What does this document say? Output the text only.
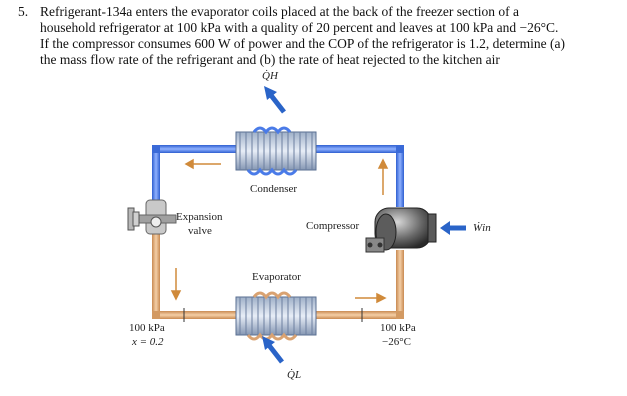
5. Refrigerant-134a enters the evaporator coils placed at the back of the freezer section of a
household refrigerator at 100 kPa with a quality of 20 percent and leaves at 100 kPa and −26°C.
If the compressor consumes 600 W of power and the COP of the refrigerator is 1.2, determine (a)
the mass flow rate of the refrigerant and (b) the rate of heat rejected to the kitchen air
Q̇H
Condenser
Expansion
valve	Compressor	Ẇin
Evaporator
100 kPa
x = 0.2
100 kPa
−26°C
Q̇L
